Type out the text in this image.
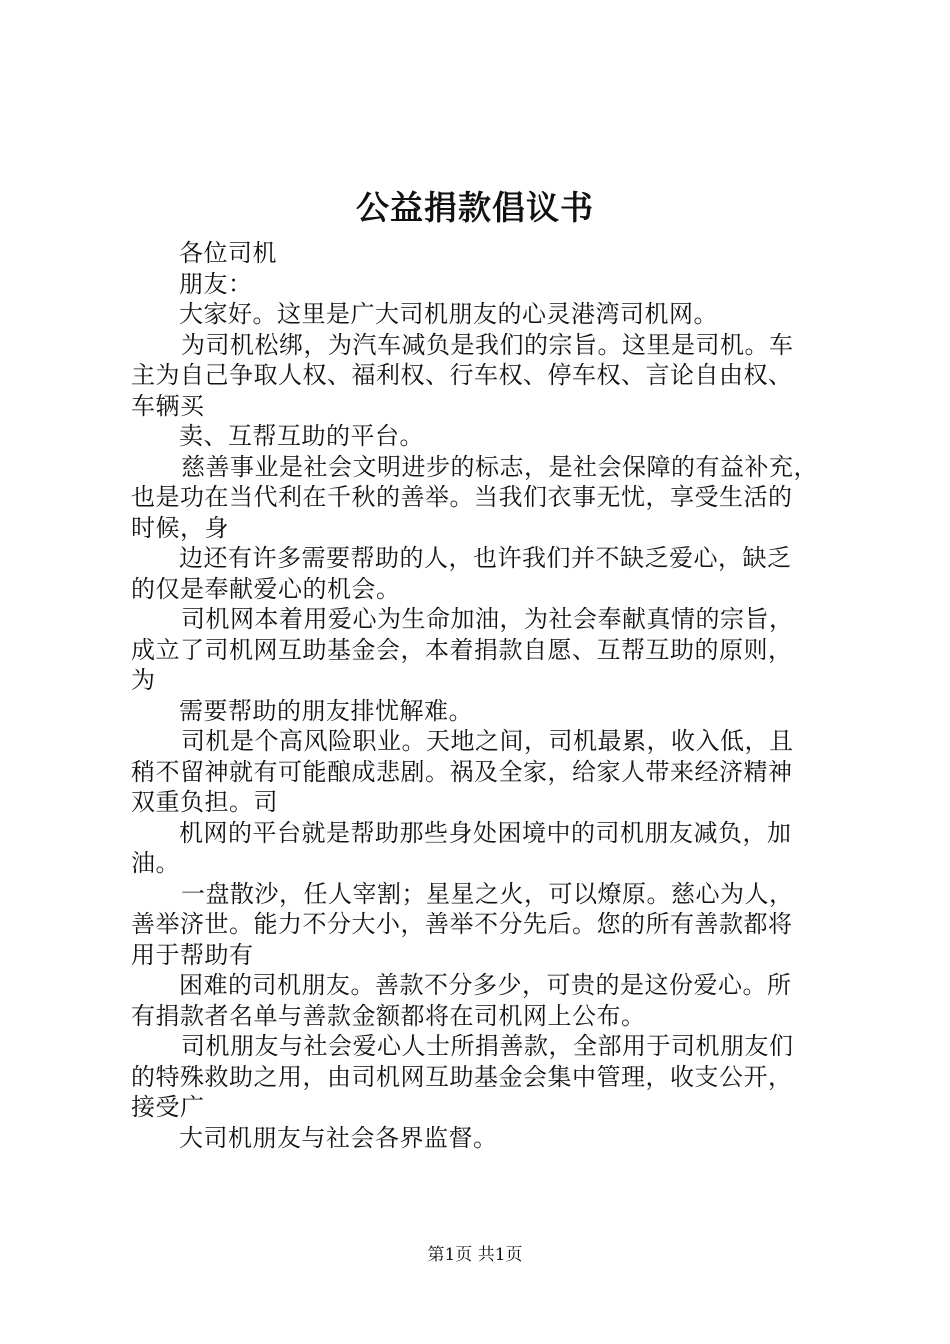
公益捐款倡议书
各位司机
朋友：
大家好。这里是广大司机朋友的心灵港湾司机网。
为司机松绑，为汽车减负是我们的宗旨。这里是司机。车
主为自己争取人权、福利权、行车权、停车权、言论自由权、
车辆买
卖、互帮互助的平台。
慈善事业是社会文明进步的标志，是社会保障的有益补充，
也是功在当代利在千秋的善举。当我们衣事无忧，享受生活的
时候，身
边还有许多需要帮助的人，也许我们并不缺乏爱心，缺乏
的仅是奉献爱心的机会。
司机网本着用爱心为生命加油，为社会奉献真情的宗旨，
成立了司机网互助基金会，本着捐款自愿、互帮互助的原则，
为
需要帮助的朋友排忧解难。
司机是个高风险职业。天地之间，司机最累，收入低，且
稍不留神就有可能酿成悲剧。祸及全家，给家人带来经济精神
双重负担。司
机网的平台就是帮助那些身处困境中的司机朋友减负，加
油。
一盘散沙，任人宰割；星星之火，可以燎原。慈心为人，
善举济世。能力不分大小，善举不分先后。您的所有善款都将
用于帮助有
困难的司机朋友。善款不分多少，可贵的是这份爱心。所
有捐款者名单与善款金额都将在司机网上公布。
司机朋友与社会爱心人士所捐善款，全部用于司机朋友们
的特殊救助之用，由司机网互助基金会集中管理，收支公开，
接受广
大司机朋友与社会各界监督。
第1页 共1页
